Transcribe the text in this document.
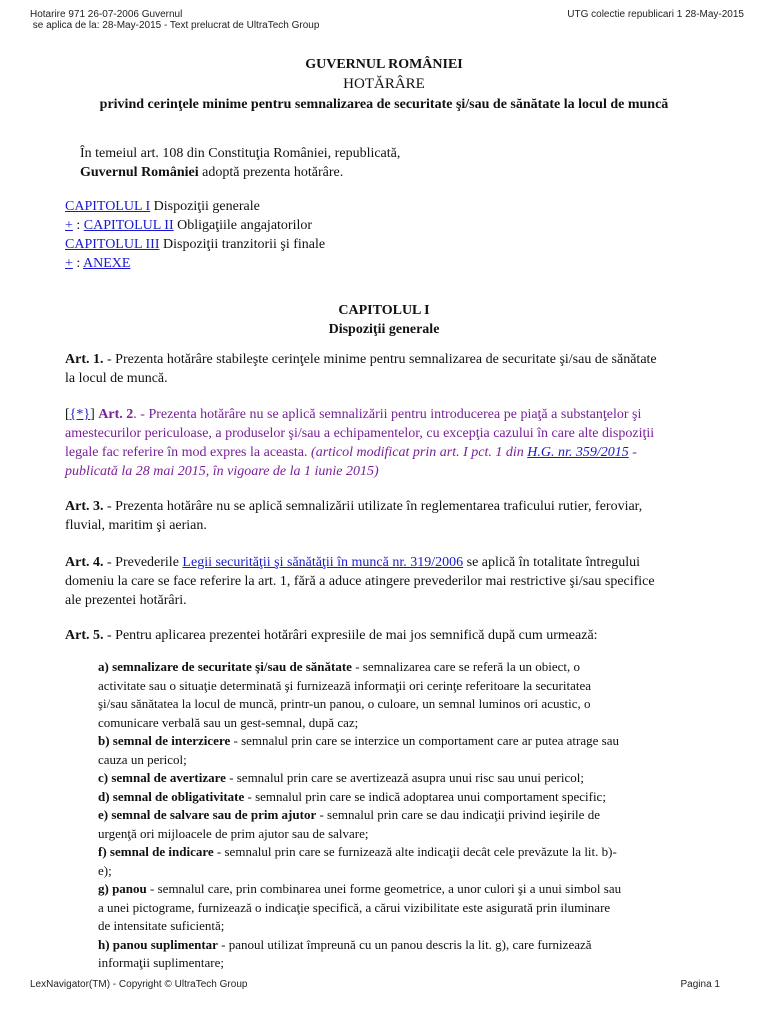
Hotarire 971 26-07-2006 Guvernul
se aplica de la: 28-May-2015 - Text prelucrat de UltraTech Group
UTG colectie republicari 1 28-May-2015
GUVERNUL ROMÂNIEI
HOTĂRÂRE
privind cerinţele minime pentru semnalizarea de securitate şi/sau de sănătate la locul de muncă
În temeiul art. 108 din Constituţia României, republicată,
Guvernul României adoptă prezenta hotărâre.
CAPITOLUL I Dispoziţii generale
+ : CAPITOLUL II Obligaţiile angajatorilor
CAPITOLUL III Dispoziţii tranzitorii şi finale
+ : ANEXE
CAPITOLUL I
Dispoziţii generale
Art. 1. - Prezenta hotărâre stabileşte cerinţele minime pentru semnalizarea de securitate şi/sau de sănătate
la locul de muncă.
[{*}] Art. 2. - Prezenta hotărâre nu se aplică semnalizării pentru introducerea pe piaţă a substanţelor şi
amestecurilor periculoase, a produselor şi/sau a echipamentelor, cu excepţia cazului în care alte dispoziţii
legale fac referire în mod expres la aceasta. (articol modificat prin art. I pct. 1 din H.G. nr. 359/2015 -
publicată la 28 mai 2015, în vigoare de la 1 iunie 2015)
Art. 3. - Prezenta hotărâre nu se aplică semnalizării utilizate în reglementarea traficului rutier, feroviar,
fluvial, maritim şi aerian.
Art. 4. - Prevederile Legii securităţii şi sănătăţii în muncă nr. 319/2006 se aplică în totalitate întregului
domeniu la care se face referire la art. 1, fără a aduce atingere prevederilor mai restrictive şi/sau specifice
ale prezentei hotărâri.
Art. 5. - Pentru aplicarea prezentei hotărâri expresiile de mai jos semnifică după cum urmează:
a) semnalizare de securitate şi/sau de sănătate - semnalizarea care se referă la un obiect, o
activitate sau o situaţie determinată şi furnizează informaţii ori cerinţe referitoare la securitatea
şi/sau sănătatea la locul de muncă, printr-un panou, o culoare, un semnal luminos ori acustic, o
comunicare verbală sau un gest-semnal, după caz;
b) semnal de interzicere - semnalul prin care se interzice un comportament care ar putea atrage sau
cauza un pericol;
c) semnal de avertizare - semnalul prin care se avertizează asupra unui risc sau unui pericol;
d) semnal de obligativitate - semnalul prin care se indică adoptarea unui comportament specific;
e) semnal de salvare sau de prim ajutor - semnalul prin care se dau indicaţii privind ieşirile de
urgenţă ori mijloacele de prim ajutor sau de salvare;
f) semnal de indicare - semnalul prin care se furnizează alte indicaţii decât cele prevăzute la lit. b)-
e);
g) panou - semnalul care, prin combinarea unei forme geometrice, a unor culori şi a unui simbol sau
a unei pictograme, furnizează o indicaţie specifică, a cărui vizibilitate este asigurată prin iluminare
de intensitate suficientă;
h) panou suplimentar - panoul utilizat împreună cu un panou descris la lit. g), care furnizează
informaţii suplimentare;
LexNavigator(TM) - Copyright © UltraTech Group	Pagina 1
